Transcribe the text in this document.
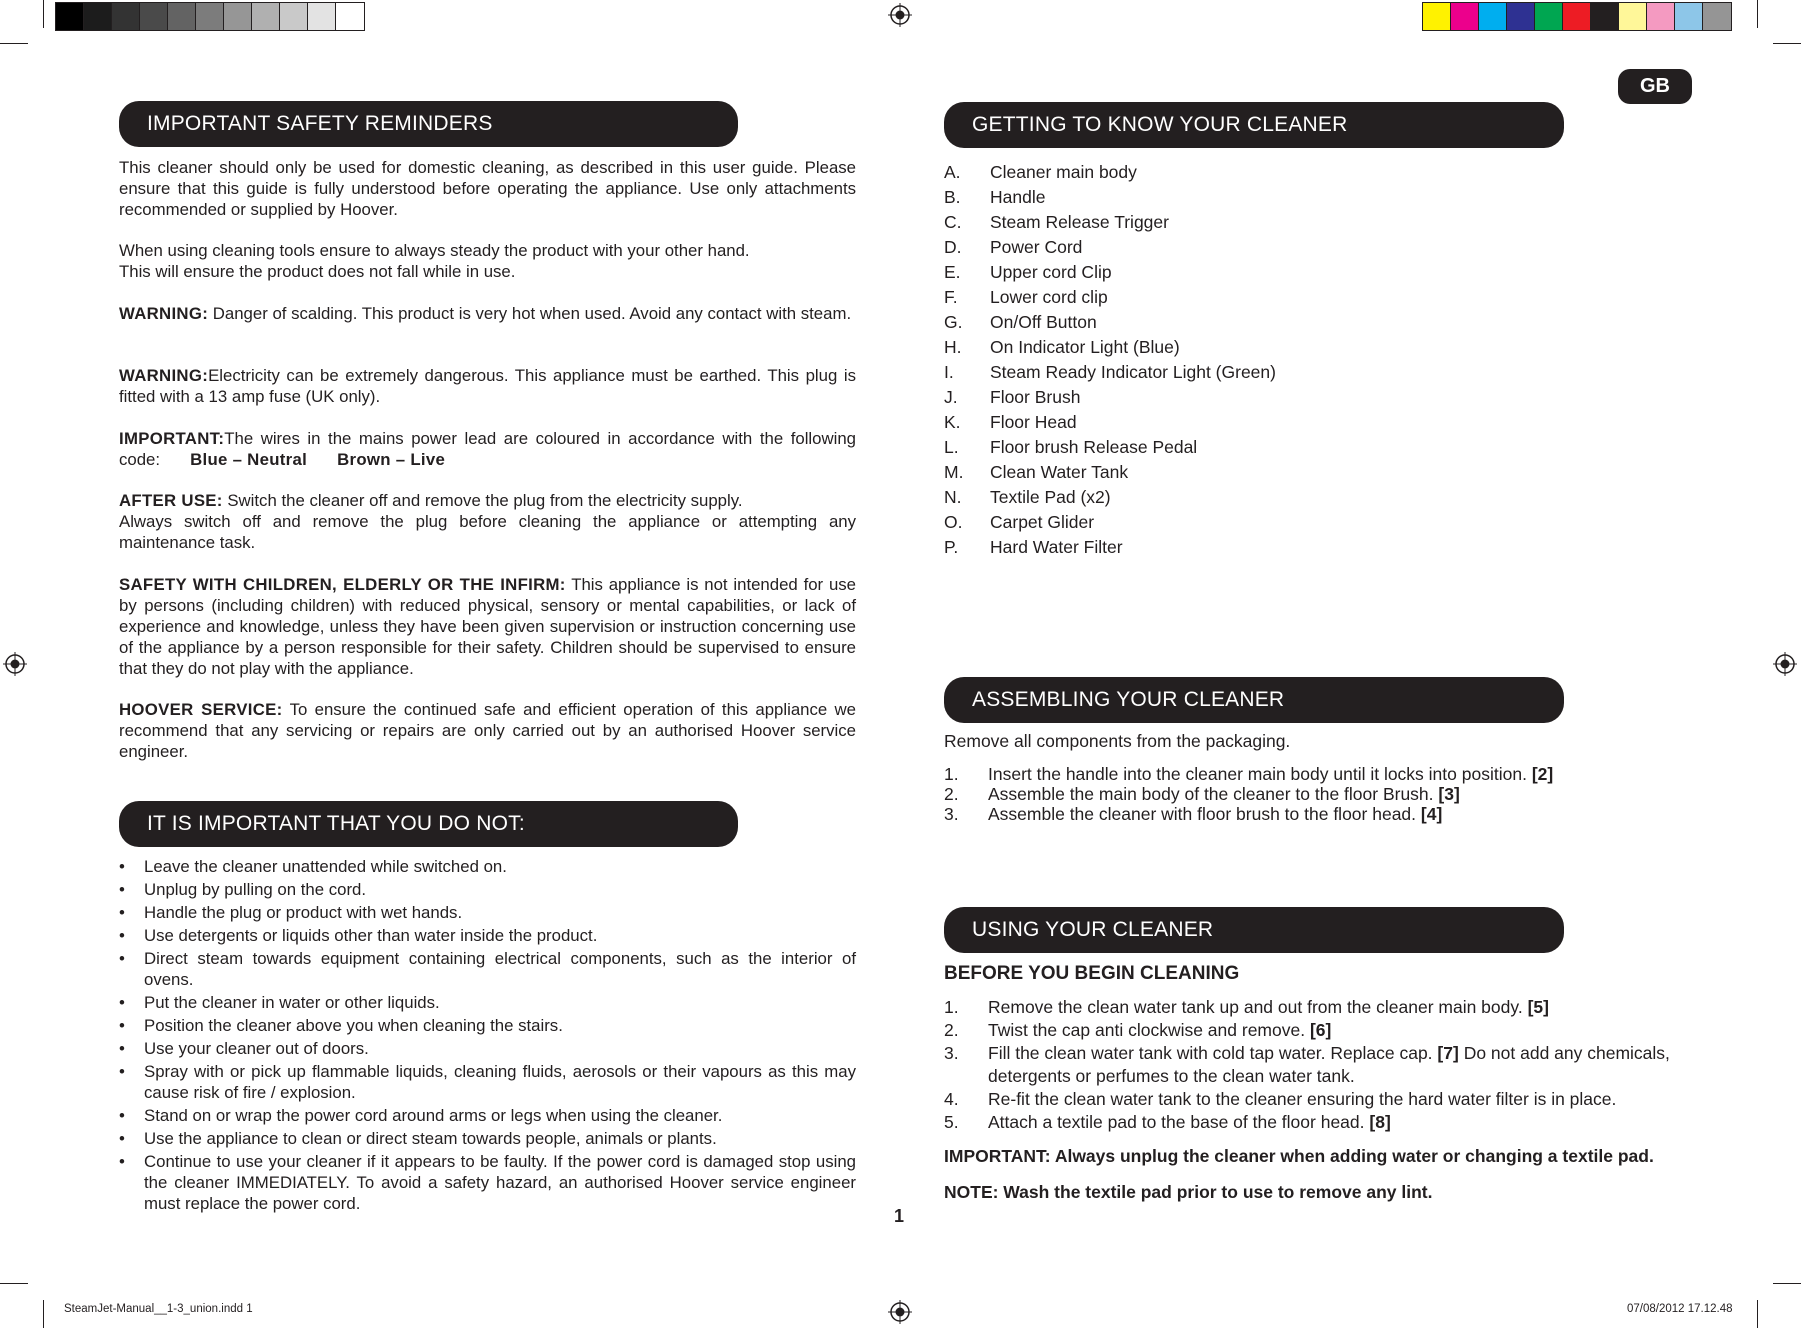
GB
IMPORTANT SAFETY REMINDERS

This cleaner should only be used for domestic cleaning, as described in this user guide. Please ensure that this guide is fully understood before operating the appliance. Use only attachments recommended or supplied by Hoover.

When using cleaning tools ensure to always steady the product with your other hand.
This will ensure the product does not fall while in use.

WARNING: Danger of scalding. This product is very hot when used. Avoid any contact with steam.

WARNING:Electricity can be extremely dangerous. This appliance must be earthed. This plug is fitted with a 13 amp fuse (UK only).

IMPORTANT:The wires in the mains power lead are coloured in accordance with the following code: Blue – Neutral Brown – Live

AFTER USE: Switch the cleaner off and remove the plug from the electricity supply.
Always switch off and remove the plug before cleaning the appliance or attempting any maintenance task.

SAFETY WITH CHILDREN, ELDERLY OR THE INFIRM: This appliance is not intended for use by persons (including children) with reduced physical, sensory or mental capabilities, or lack of experience and knowledge, unless they have been given supervision or instruction concerning use of the appliance by a person responsible for their safety. Children should be supervised to ensure that they do not play with the appliance.

HOOVER SERVICE: To ensure the continued safe and efficient operation of this appliance we recommend that any servicing or repairs are only carried out by an authorised Hoover service engineer.

IT IS IMPORTANT THAT YOU DO NOT:
• Leave the cleaner unattended while switched on.
• Unplug by pulling on the cord.
• Handle the plug or product with wet hands.
• Use detergents or liquids other than water inside the product.
• Direct steam towards equipment containing electrical components, such as the interior of ovens.
• Put the cleaner in water or other liquids.
• Position the cleaner above you when cleaning the stairs.
• Use your cleaner out of doors.
• Spray with or pick up flammable liquids, cleaning fluids, aerosols or their vapours as this may cause risk of fire / explosion.
• Stand on or wrap the power cord around arms or legs when using the cleaner.
• Use the appliance to clean or direct steam towards people, animals or plants.
• Continue to use your cleaner if it appears to be faulty. If the power cord is damaged stop using the cleaner IMMEDIATELY. To avoid a safety hazard, an authorised Hoover service engineer must replace the power cord.
GETTING TO KNOW YOUR CLEANER
A. Cleaner main body
B. Handle
C. Steam Release Trigger
D. Power Cord
E. Upper cord Clip
F. Lower cord clip
G. On/Off Button
H. On Indicator Light (Blue)
I. Steam Ready Indicator Light (Green)
J. Floor Brush
K. Floor Head
L. Floor brush Release Pedal
M. Clean Water Tank
N. Textile Pad (x2)
O. Carpet Glider
P. Hard Water Filter
ASSEMBLING YOUR CLEANER

Remove all components from the packaging.

1. Insert the handle into the cleaner main body until it locks into position. [2]
2. Assemble the main body of the cleaner to the floor Brush. [3]
3. Assemble the cleaner with floor brush to the floor head. [4]
USING YOUR CLEANER

BEFORE YOU BEGIN CLEANING

1. Remove the clean water tank up and out from the cleaner main body. [5]
2. Twist the cap anti clockwise and remove. [6]
3. Fill the clean water tank with cold tap water. Replace cap. [7] Do not add any chemicals, detergents or perfumes to the clean water tank.
4. Re-fit the clean water tank to the cleaner ensuring the hard water filter is in place.
5. Attach a textile pad to the base of the floor head. [8]

IMPORTANT: Always unplug the cleaner when adding water or changing a textile pad.

NOTE: Wash the textile pad prior to use to remove any lint.

1
SteamJet-Manual__1-3_union.indd 1	07/08/2012 17.12.48
